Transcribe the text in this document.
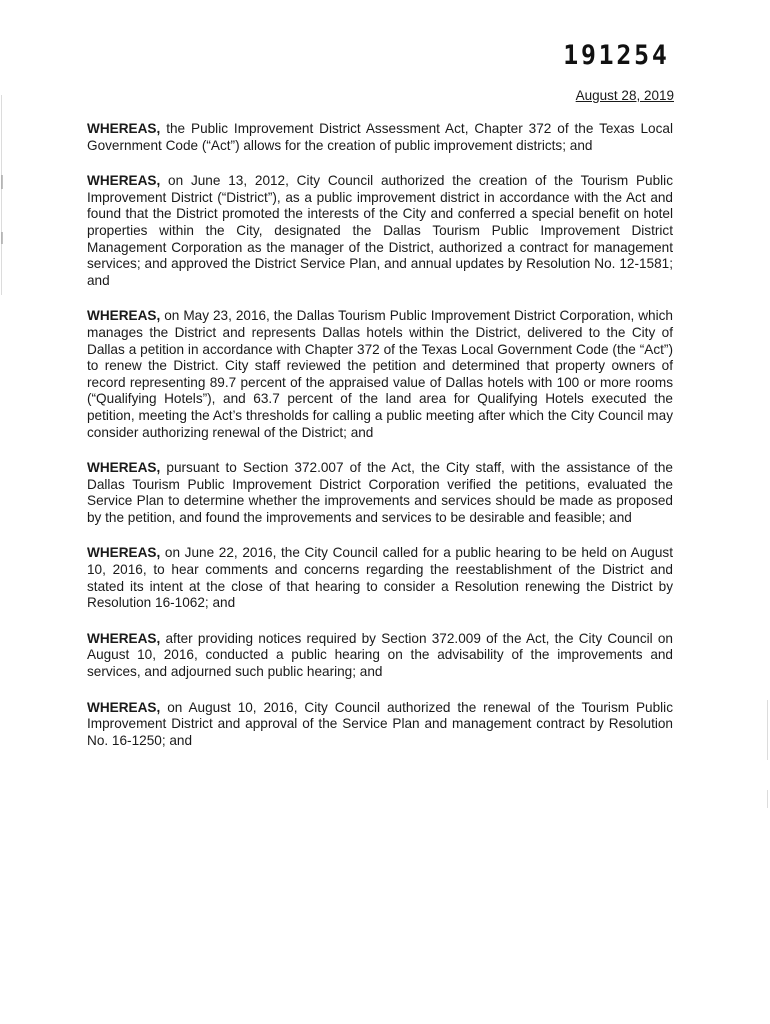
191254
August 28, 2019

WHEREAS, the Public Improvement District Assessment Act, Chapter 372 of the Texas Local Government Code (“Act”) allows for the creation of public improvement districts; and

WHEREAS, on June 13, 2012, City Council authorized the creation of the Tourism Public Improvement District (“District”), as a public improvement district in accordance with the Act and found that the District promoted the interests of the City and conferred a special benefit on hotel properties within the City, designated the Dallas Tourism Public Improvement District Management Corporation as the manager of the District, authorized a contract for management services; and approved the District Service Plan, and annual updates by Resolution No. 12-1581; and

WHEREAS, on May 23, 2016, the Dallas Tourism Public Improvement District Corporation, which manages the District and represents Dallas hotels within the District, delivered to the City of Dallas a petition in accordance with Chapter 372 of the Texas Local Government Code (the “Act”) to renew the District. City staff reviewed the petition and determined that property owners of record representing 89.7 percent of the appraised value of Dallas hotels with 100 or more rooms (“Qualifying Hotels”), and 63.7 percent of the land area for Qualifying Hotels executed the petition, meeting the Act’s thresholds for calling a public meeting after which the City Council may consider authorizing renewal of the District; and

WHEREAS, pursuant to Section 372.007 of the Act, the City staff, with the assistance of the Dallas Tourism Public Improvement District Corporation verified the petitions, evaluated the Service Plan to determine whether the improvements and services should be made as proposed by the petition, and found the improvements and services to be desirable and feasible; and

WHEREAS, on June 22, 2016, the City Council called for a public hearing to be held on August 10, 2016, to hear comments and concerns regarding the reestablishment of the District and stated its intent at the close of that hearing to consider a Resolution renewing the District by Resolution 16-1062; and

WHEREAS, after providing notices required by Section 372.009 of the Act, the City Council on August 10, 2016, conducted a public hearing on the advisability of the improvements and services, and adjourned such public hearing; and

WHEREAS, on August 10, 2016, City Council authorized the renewal of the Tourism Public Improvement District and approval of the Service Plan and management contract by Resolution No. 16-1250; and
